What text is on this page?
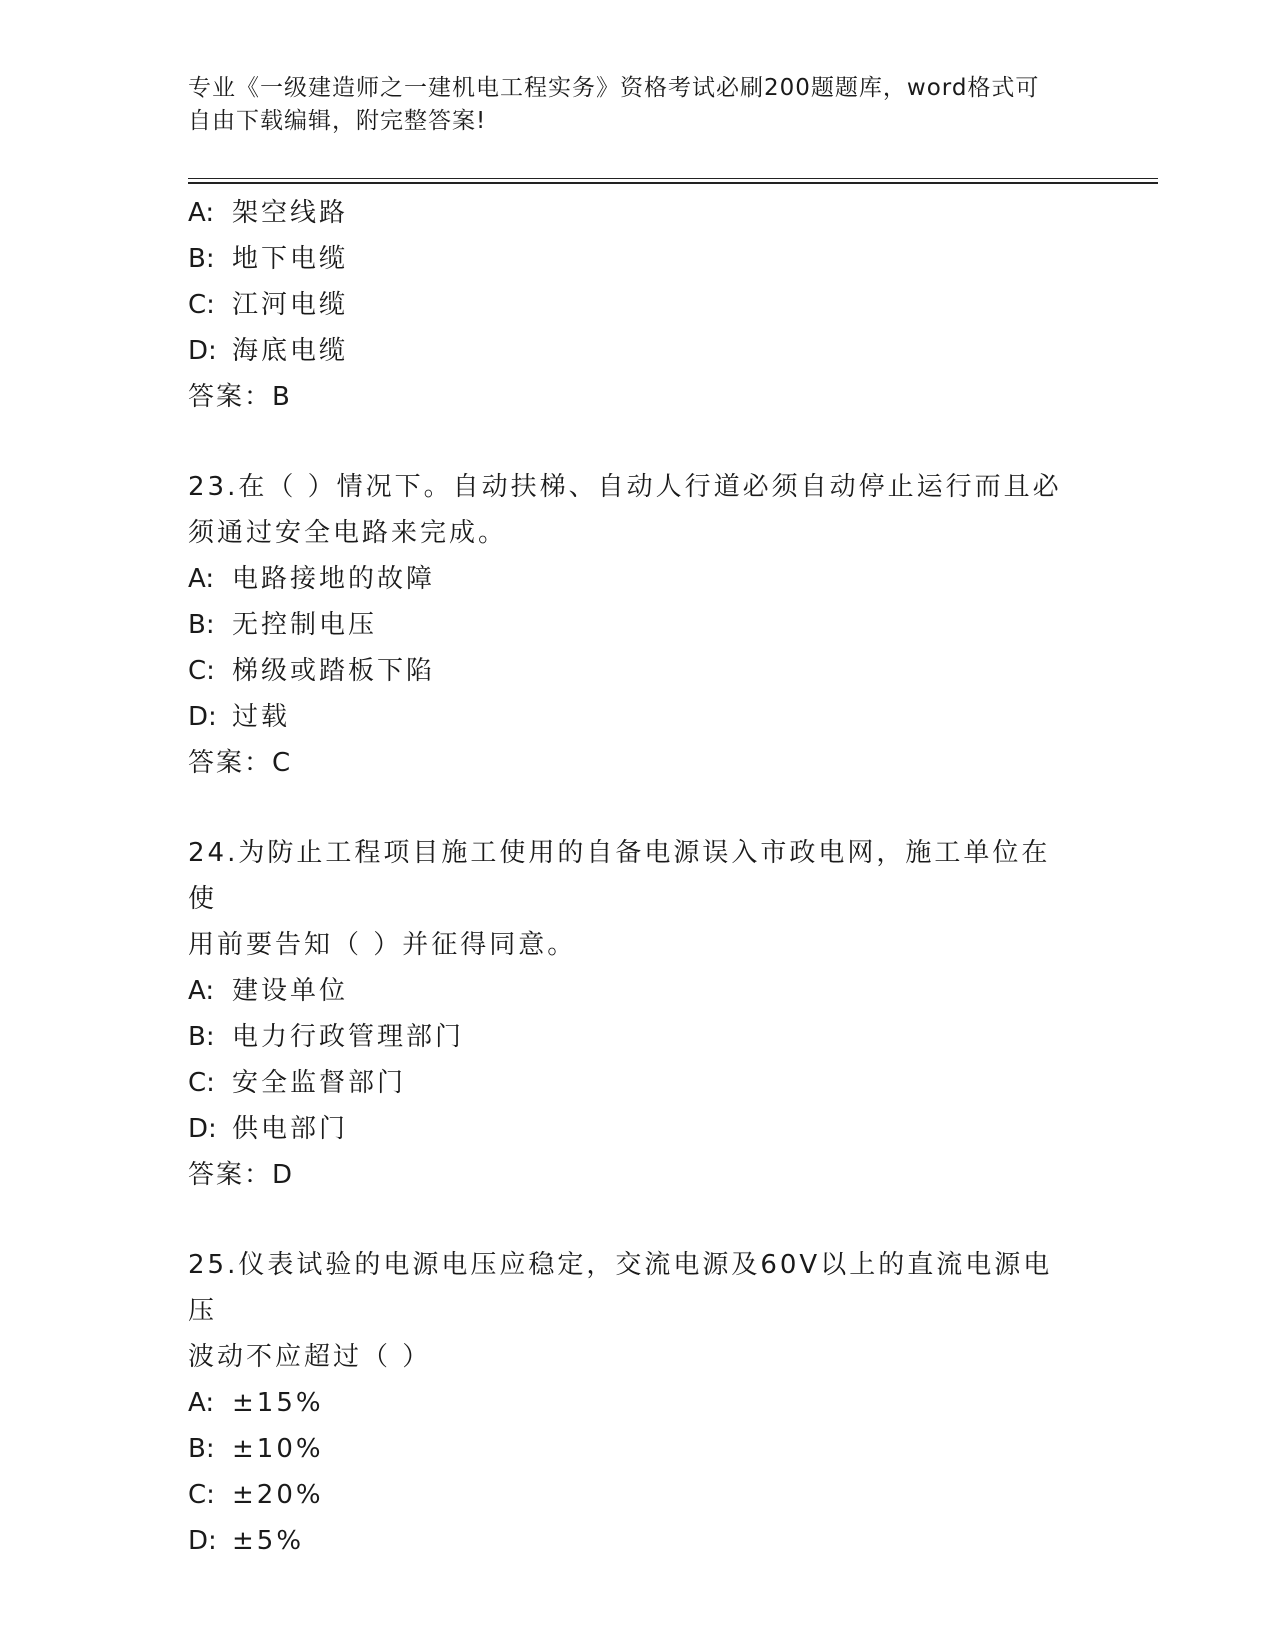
专业《一级建造师之一建机电工程实务》资格考试必刷200题题库，word格式可
自由下载编辑，附完整答案!
A: 架空线路
B: 地下电缆
C: 江河电缆
D: 海底电缆
答案：B
23.在（ ）情况下。自动扶梯、自动人行道必须自动停止运行而且必
须通过安全电路来完成。
A: 电路接地的故障
B: 无控制电压
C: 梯级或踏板下陷
D: 过载
答案：C
24.为防止工程项目施工使用的自备电源误入市政电网，施工单位在使
用前要告知（ ）并征得同意。
A: 建设单位
B: 电力行政管理部门
C: 安全监督部门
D: 供电部门
答案：D
25.仪表试验的电源电压应稳定，交流电源及60V以上的直流电源电压
波动不应超过（ ）
A: ±15%
B: ±10%
C: ±20%
D: ±5%
